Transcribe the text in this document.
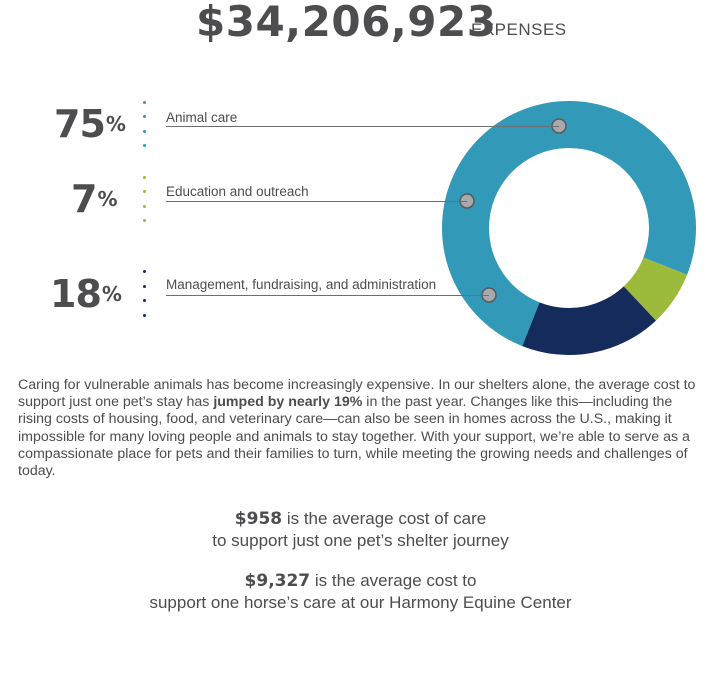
$34,206,923
EXPENSES
75%	Animal care
7%	Education and outreach
18%	Management, fundraising, and administration
Caring for vulnerable animals has become increasingly expensive. In our shelters alone, the average cost to support just one pet’s stay has jumped by nearly 19% in the past year. Changes like this—including the rising costs of housing, food, and veterinary care—can also be seen in homes across the U.S., making it impossible for many loving people and animals to stay together. With your support, we’re able to serve as a compassionate place for pets and their families to turn, while meeting the growing needs and challenges of today.
$958 is the average cost of care
to support just one pet’s shelter journey
$9,327 is the average cost to
support one horse’s care at our Harmony Equine Center
